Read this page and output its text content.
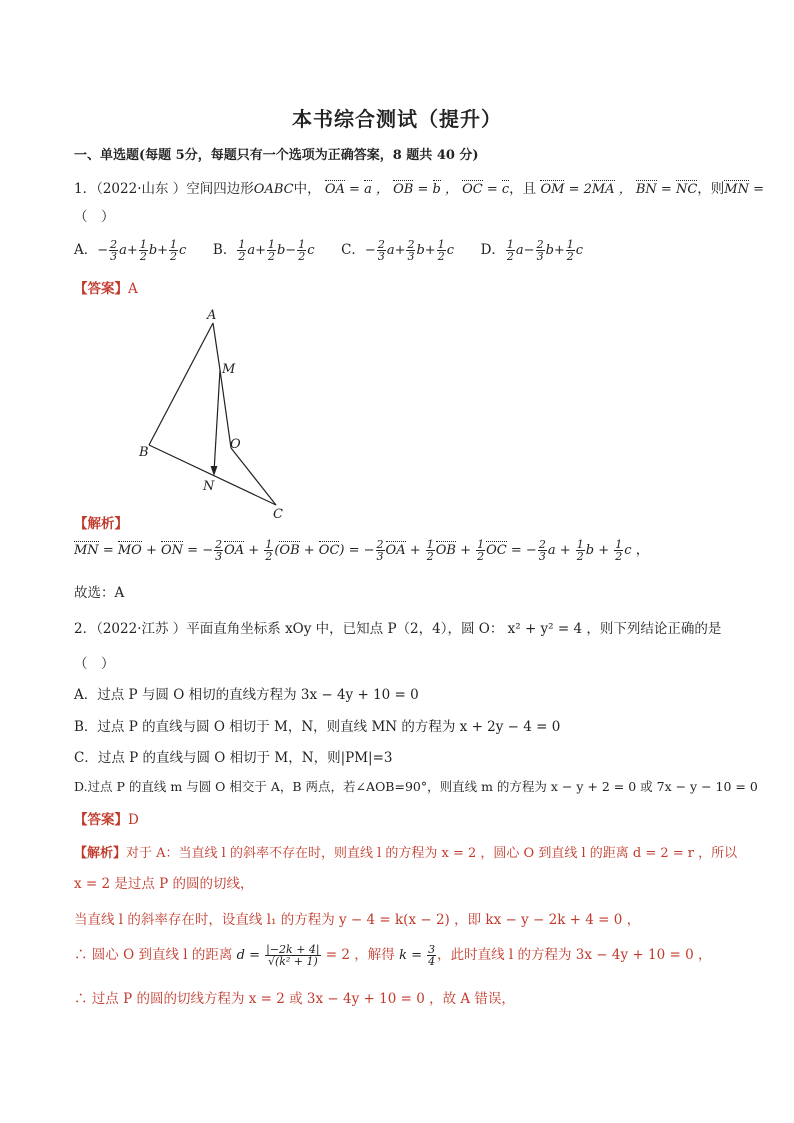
本书综合测试（提升）
一、单选题(每题 5分，每题只有一个选项为正确答案，8 题共 40 分)
1．（2022·山东 ）空间四边形OABC中， OA = a ， OB = b ， OC = c，且 OM = 2MA ， BN = NC，则MN =
（　）
A．− $\frac{2}{3} a+ \frac{1}{2} b+ \frac{1}{2}$ c B． $\frac{1}{2} a+ \frac{1}{2} b- \frac{1}{2}$ c C．− $\frac{2}{3} a+ \frac{2}{3} b+ \frac{1}{2}$ c D． $\frac{1}{2} a- \frac{2}{3} b+ \frac{1}{2}$ c
【答案】A
A
M
O
B
N
C
【解析】
MN = MO + ON = − $\frac{2}{3}$ OA + $\frac{1}{2} (OB + OC)$ = − $\frac{2}{3}$ OA + $\frac{1}{2}$ OB + $\frac{1}{2}$ OC = − $\frac{2}{3}$ $a + \frac{1}{2}$ $b + \frac{1}{2}$ c ，
故选：A
2．（2022·江苏 ）平面直角坐标系 xOy 中，已知点 P（2，4），圆 O： x² + y² = 4 ，则下列结论正确的是
（　）
A．过点 P 与圆 O 相切的直线方程为 3x − 4y + 10 = 0
B．过点 P 的直线与圆 O 相切于 M，N，则直线 MN 的方程为 x + 2y − 4 = 0
C．过点 P 的直线与圆 O 相切于 M，N，则|PM|=3
D.过点 P 的直线 m 与圆 O 相交于 A，B 两点，若∠AOB=90°，则直线 m 的方程为 x − y + 2 = 0 或 7x − y − 10 = 0
【答案】D
【解析】对于 A：当直线 l 的斜率不存在时，则直线 l 的方程为 x = 2 ，圆心 O 到直线 l 的距离 d = 2 = r ，所以
x = 2 是过点 P 的圆的切线，
当直线 l 的斜率存在时，设直线 l₁ 的方程为 y − 4 = k(x − 2) ，即 kx − y − 2k + 4 = 0 ，
∴ 圆心 O 到直线 l 的距离 $d = \frac{|-2k + 4|}{\text{√(k² + 1)}} = 2$ ，解得 $k = \frac{3}{4}$ ，此时直线 l 的方程为 3x − 4y + 10 = 0 ，
∴ 过点 P 的圆的切线方程为 x = 2 或 3x − 4y + 10 = 0 ，故 A 错误，
